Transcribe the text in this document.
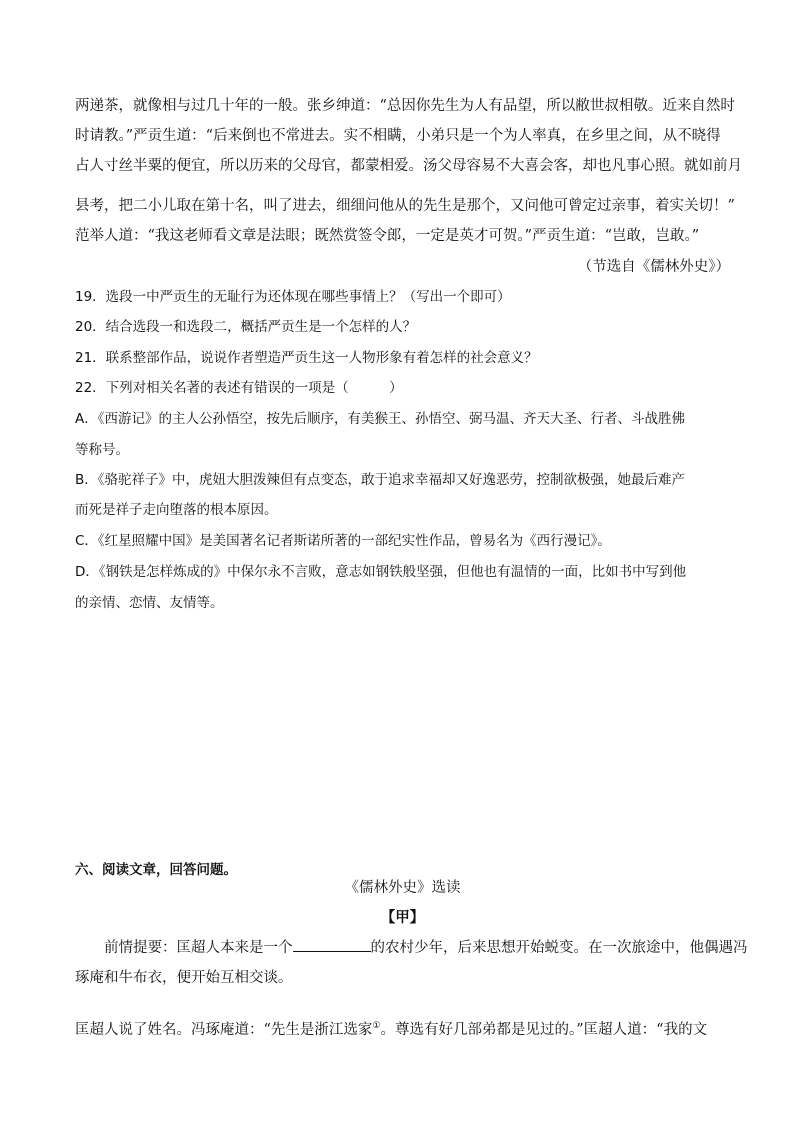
两递茶，就像相与过几十年的一般。张乡绅道：“总因你先生为人有品望，所以敝世叔相敬。近来自然时
时请教。”严贡生道：“后来倒也不常进去。实不相瞒，小弟只是一个为人率真，在乡里之间，从不晓得
占人寸丝半粟的便宜，所以历来的父母官，都蒙相爱。汤父母容易不大喜会客，却也凡事心照。就如前月
县考，把二小儿取在第十名，叫了进去，细细问他从的先生是那个，又问他可曾定过亲事，着实关切！”
范举人道：“我这老师看文章是法眼；既然赏签令郎，一定是英才可贺。”严贡生道：“岂敢，岂敢。”
（节选自《儒林外史》）
19．选段一中严贡生的无耻行为还体现在哪些事情上？（写出一个即可）
20．结合选段一和选段二，概括严贡生是一个怎样的人？
21．联系整部作品，说说作者塑造严贡生这一人物形象有着怎样的社会意义？
22．下列对相关名著的表述有错误的一项是（　　　）
A．《西游记》的主人公孙悟空，按先后顺序，有美猴王、孙悟空、弼马温、齐天大圣、行者、斗战胜佛
等称号。
B．《骆驼祥子》中，虎妞大胆泼辣但有点变态，敢于追求幸福却又好逸恶劳，控制欲极强，她最后难产
而死是祥子走向堕落的根本原因。
C．《红星照耀中国》是美国著名记者斯诺所著的一部纪实性作品，曾易名为《西行漫记》。
D．《钢铁是怎样炼成的》中保尔永不言败，意志如钢铁般坚强，但他也有温情的一面，比如书中写到他
的亲情、恋情、友情等。
六、阅读文章，回答问题。
《儒林外史》选读
【甲】
前情提要：匡超人本来是一个	的农村少年，后来思想开始蜕变。在一次旅途中，他偶遇冯
琢庵和牛布衣，便开始互相交谈。
匡超人说了姓名。冯琢庵道：“先生是浙江选家①。尊选有好几部弟都是见过的。”匡超人道：“我的文
